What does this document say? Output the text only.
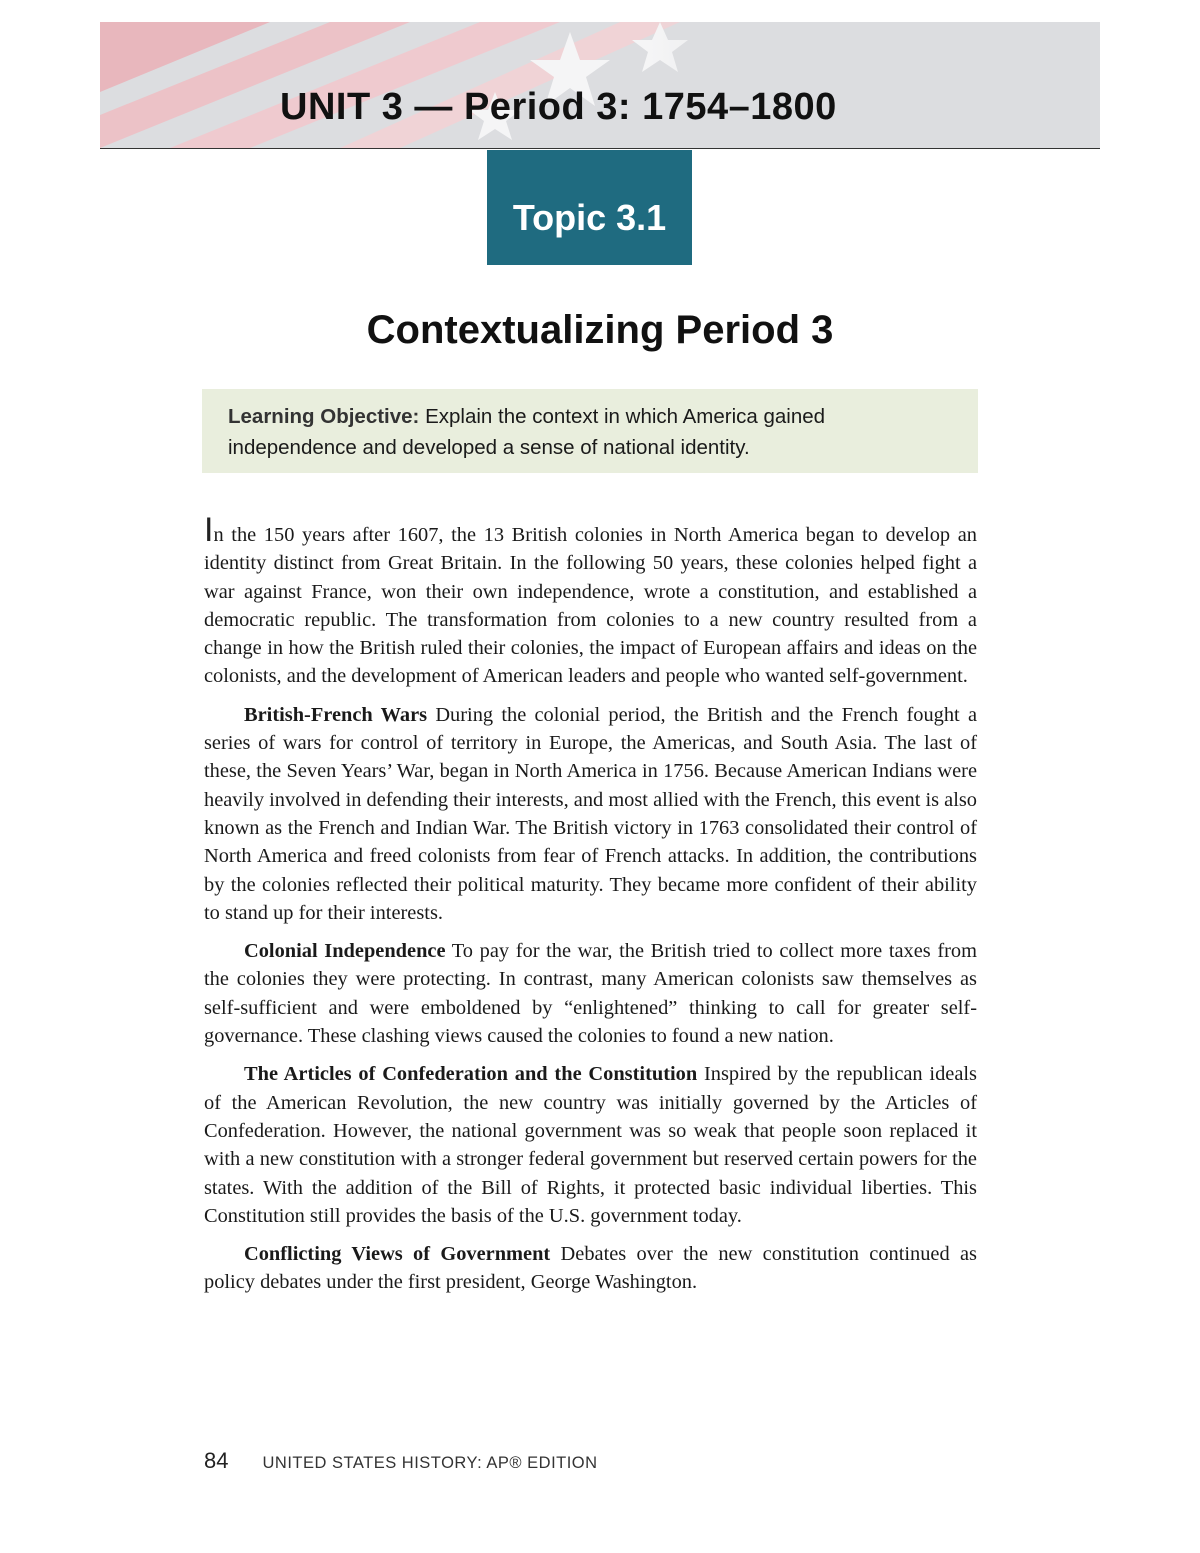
UNIT 3 — Period 3: 1754–1800
Topic 3.1
Contextualizing Period 3
Learning Objective: Explain the context in which America gained independence and developed a sense of national identity.

In the 150 years after 1607, the 13 British colonies in North America began to develop an identity distinct from Great Britain. In the following 50 years, these colonies helped fight a war against France, won their own independence, wrote a constitution, and established a democratic republic. The transformation from colonies to a new country resulted from a change in how the British ruled their colonies, the impact of European affairs and ideas on the colonists, and the development of American leaders and people who wanted self-government.

British-French Wars During the colonial period, the British and the French fought a series of wars for control of territory in Europe, the Americas, and South Asia. The last of these, the Seven Years’ War, began in North America in 1756. Because American Indians were heavily involved in defending their interests, and most allied with the French, this event is also known as the French and Indian War. The British victory in 1763 consolidated their control of North America and freed colonists from fear of French attacks. In addition, the contributions by the colonies reflected their political maturity. They became more confident of their ability to stand up for their interests.

Colonial Independence To pay for the war, the British tried to collect more taxes from the colonies they were protecting. In contrast, many American colonists saw themselves as self-sufficient and were emboldened by “enlightened” thinking to call for greater self-governance. These clashing views caused the colonies to found a new nation.

The Articles of Confederation and the Constitution Inspired by the republican ideals of the American Revolution, the new country was initially governed by the Articles of Confederation. However, the national government was so weak that people soon replaced it with a new constitution with a stronger federal government but reserved certain powers for the states. With the addition of the Bill of Rights, it protected basic individual liberties. This Constitution still provides the basis of the U.S. government today.

Conflicting Views of Government Debates over the new constitution continued as policy debates under the first president, George Washington.

84 UNITED STATES HISTORY: AP® EDITION
